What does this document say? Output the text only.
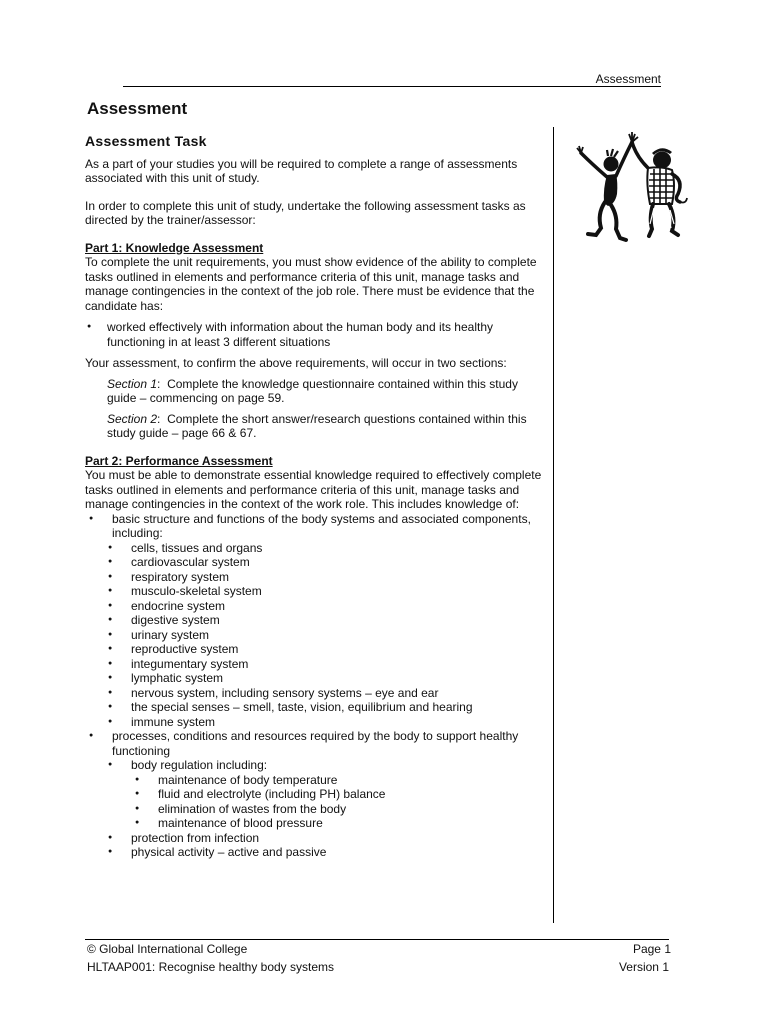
Assessment
Assessment
Assessment Task

As a part of your studies you will be required to complete a range of assessments associated with this unit of study.

In order to complete this unit of study, undertake the following assessment tasks as directed by the trainer/assessor:

Part 1: Knowledge Assessment

To complete the unit requirements, you must show evidence of the ability to complete tasks outlined in elements and performance criteria of this unit, manage tasks and manage contingencies in the context of the job role. There must be evidence that the candidate has:

● worked effectively with information about the human body and its healthy functioning in at least 3 different situations

Your assessment, to confirm the above requirements, will occur in two sections:

Section 1:  Complete the knowledge questionnaire contained within this study guide – commencing on page 59.

Section 2:  Complete the short answer/research questions contained within this study guide – page 66 & 67.

Part 2: Performance Assessment

You must be able to demonstrate essential knowledge required to effectively complete tasks outlined in elements and performance criteria of this unit, manage tasks and manage contingencies in the context of the work role. This includes knowledge of:

● basic structure and functions of the body systems and associated components, including:
● cells, tissues and organs
● cardiovascular system
● respiratory system
● musculo-skeletal system
● endocrine system
● digestive system
● urinary system
● reproductive system
● integumentary system
● lymphatic system
● nervous system, including sensory systems – eye and ear
● the special senses – smell, taste, vision, equilibrium and hearing
● immune system
● processes, conditions and resources required by the body to support healthy functioning
● body regulation including:
● maintenance of body temperature
● fluid and electrolyte (including PH) balance
● elimination of wastes from the body
● maintenance of blood pressure
● protection from infection
● physical activity – active and passive
© Global International College	Page 1
HLTAAP001: Recognise healthy body systems	Version 1
